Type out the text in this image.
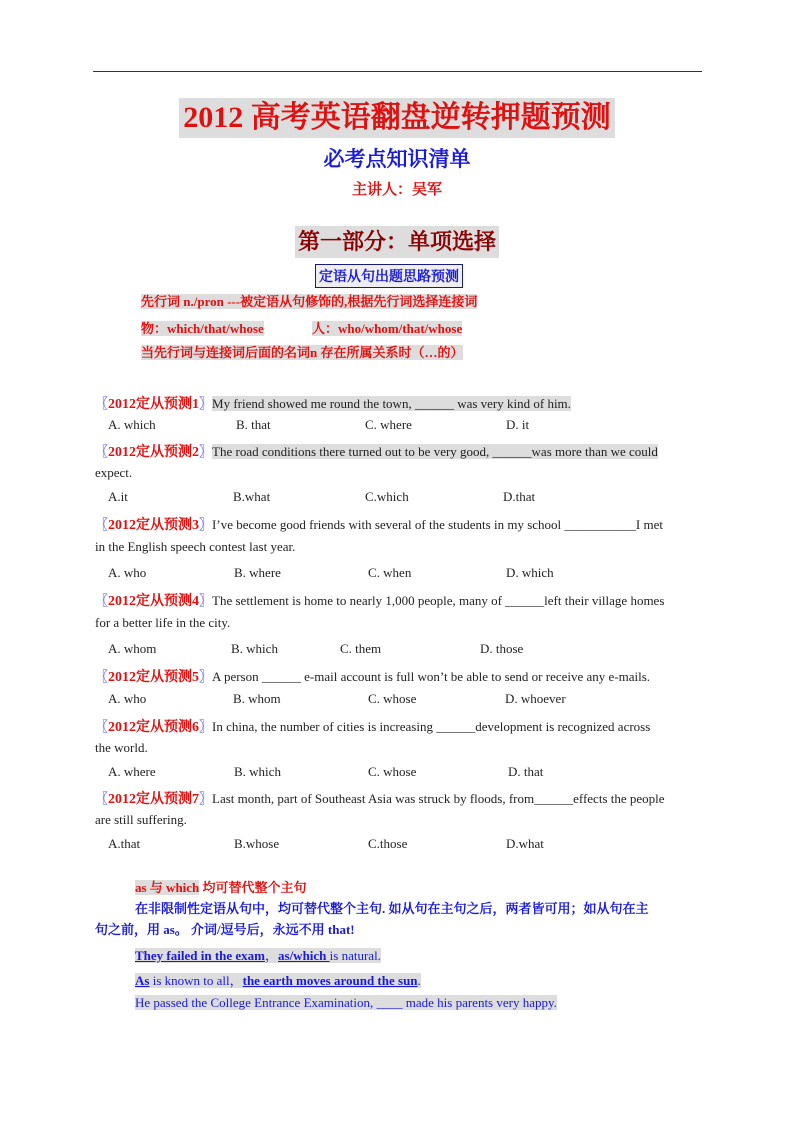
2012 高考英语翻盘逆转押题预测
必考点知识清单
主讲人：吴军
第一部分：单项选择
定语从句出题思路预测
先行词 n./pron ---被定语从句修饰的,根据先行词选择连接词
物：which/that/whose	人：who/whom/that/whose
当先行词与连接词后面的名词n 存在所属关系时（…的）
〖2012定从预测1〗My friend showed me round the town, ______ was very kind of him.
A. which	B. that	C. where	D. it
〖2012定从预测2〗The road conditions there turned out to be very good, ______was more than we could
expect.
A.it	B.what	C.which	D.that
〖2012定从预测3〗I’ve become good friends with several of the students in my school ___________I met
in the English speech contest last year.
A. who	B. where	C. when	D. which
〖2012定从预测4〗The settlement is home to nearly 1,000 people, many of ______left their village homes
for a better life in the city.
A. whom	B. which	C. them	D. those
〖2012定从预测5〗A person ______ e-mail account is full won’t be able to send or receive any e-mails.
A. who	B. whom	C. whose	D. whoever
〖2012定从预测6〗In china, the number of cities is increasing ______development is recognized across
the world.
A. where	B. which	C. whose	D. that
〖2012定从预测7〗Last month, part of Southeast Asia was struck by floods, from______effects the people
are still suffering.
A.that	B.whose	C.those	D.what
as 与 which 均可替代整个主句
在非限制性定语从句中，均可替代整个主句. 如从句在主句之后，两者皆可用；如从句在主
句之前，用 as。 介词/逗号后，永远不用 that!
They failed in the exam，as/which is natural.
As is known to all，the earth moves around the sun.
He passed the College Entrance Examination, ____ made his parents very happy.
